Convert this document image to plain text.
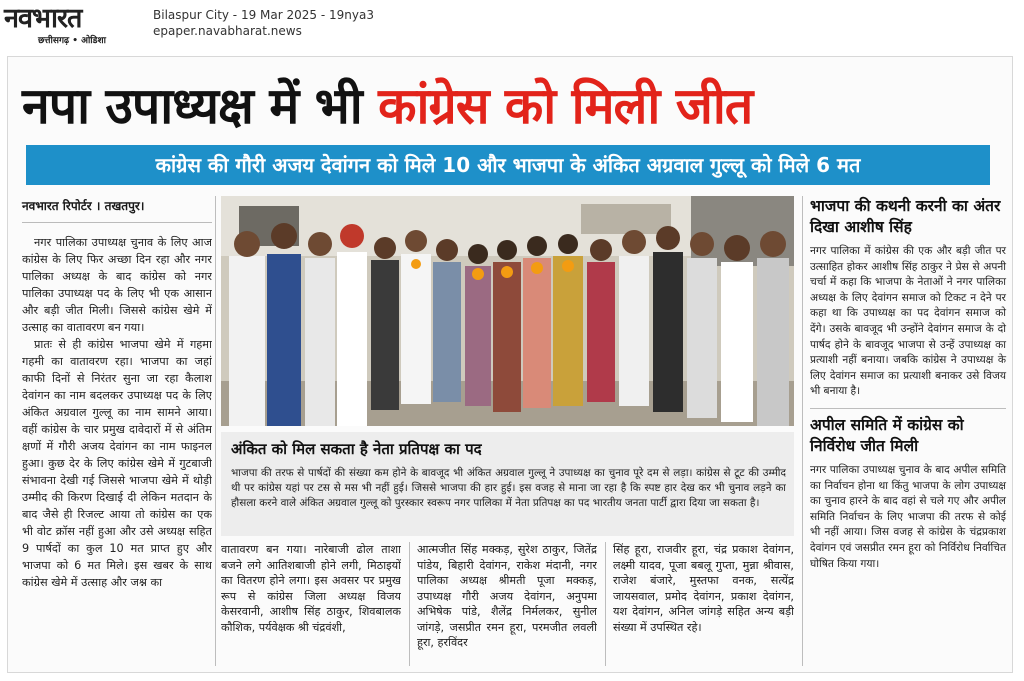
नवभारत
छत्तीसगढ़ • ओडिशा
Bilaspur City - 19 Mar 2025 - 19nya3
epaper.navabharat.news
नपा उपाध्यक्ष में भी कांग्रेस को मिली जीत
कांग्रेस की गौरी अजय देवांगन को मिले 10 और भाजपा के अंकित अग्रवाल गुल्लू को मिले 6 मत
नवभारत रिपोर्टर । तखतपुर।

नगर पालिका उपाध्यक्ष चुनाव के लिए आज कांग्रेस के लिए फिर अच्छा दिन रहा और नगर पालिका अध्यक्ष के बाद कांग्रेस को नगर पालिका उपाध्यक्ष पद के लिए भी एक आसान और बड़ी जीत मिली। जिससे कांग्रेस खेमे में उत्साह का वातावरण बन गया।

प्रातः से ही कांग्रेस भाजपा खेमे में गहमा गहमी का वातावरण रहा। भाजपा का जहां काफी दिनों से निरंतर सुना जा रहा कैलाश देवांगन का नाम बदलकर उपाध्यक्ष पद के लिए अंकित अग्रवाल गुल्लू का नाम सामने आया। वहीं कांग्रेस के चार प्रमुख दावेदारों में से अंतिम क्षणों में गौरी अजय देवांगन का नाम फाइनल हुआ। कुछ देर के लिए कांग्रेस खेमे में गुटबाजी संभावना देखी गई जिससे भाजपा खेमे में थोड़ी उम्मीद की किरण दिखाई दी लेकिन मतदान के बाद जैसे ही रिजल्ट आया तो कांग्रेस का एक भी वोट क्रॉस नहीं हुआ और उसे अध्यक्ष सहित 9 पार्षदों का कुल 10 मत प्राप्त हुए और भाजपा को 6 मत मिले। इस खबर के साथ कांग्रेस खेमे में उत्साह और जश्न का

अंकित को मिल सकता है नेता प्रतिपक्ष का पद
भाजपा की तरफ से पार्षदों की संख्या कम होने के बावजूद भी अंकित अग्रवाल गुल्लू ने उपाध्यक्ष का चुनाव पूरे दम से लड़ा। कांग्रेस से टूट की उम्मीद थी पर कांग्रेस यहां पर टस से मस भी नहीं हुई। जिससे भाजपा की हार हुई। इस वजह से माना जा रहा है कि स्पष्ट हार देख कर भी चुनाव लड़ने का हौसला करने वाले अंकित अग्रवाल गुल्लू को पुरस्कार स्वरूप नगर पालिका में नेता प्रतिपक्ष का पद भारतीय जनता पार्टी द्वारा दिया जा सकता है।

वातावरण बन गया। नारेबाजी ढोल ताशा बजने लगे आतिशबाजी होने लगी, मिठाइयों का वितरण होने लगा। इस अवसर पर प्रमुख रूप से कांग्रेस जिला अध्यक्ष विजय केसरवानी, आशीष सिंह ठाकुर, शिवबालक कौशिक, पर्यवेक्षक श्री चंद्रवंशी,

आत्मजीत सिंह मक्कड़, सुरेश ठाकुर, जितेंद्र पांडेय, बिहारी देवांगन, राकेश मंदानी, नगर पालिका अध्यक्ष श्रीमती पूजा मक्कड़, उपाध्यक्ष गौरी अजय देवांगन, अनुपमा अभिषेक पांडे, शैलेंद्र निर्मलकर, सुनील जांगड़े, जसप्रीत रमन हूरा, परमजीत लवली हूरा, हरविंदर

सिंह हूरा, राजवीर हूरा, चंद्र प्रकाश देवांगन, लक्ष्मी यादव, पूजा बबलू गुप्ता, मुन्ना श्रीवास, राजेश बंजारे, मुस्तफा वनक, सत्येंद्र जायसवाल, प्रमोद देवांगन, प्रकाश देवांगन, यश देवांगन, अनिल जांगड़े सहित अन्य बड़ी संख्या में उपस्थित रहे।

भाजपा की कथनी करनी का अंतर दिखा आशीष सिंह

नगर पालिका में कांग्रेस की एक और बड़ी जीत पर उत्साहित होकर आशीष सिंह ठाकुर ने प्रेस से अपनी चर्चा में कहा कि भाजपा के नेताओं ने नगर पालिका अध्यक्ष के लिए देवांगन समाज को टिकट न देने पर कहा था कि उपाध्यक्ष का पद देवांगन समाज को देंगे। उसके बावजूद भी उन्होंने देवांगन समाज के दो पार्षद होने के बावजूद भाजपा से उन्हें उपाध्यक्ष का प्रत्याशी नहीं बनाया। जबकि कांग्रेस ने उपाध्यक्ष के लिए देवांगन समाज का प्रत्याशी बनाकर उसे विजय भी बनाया है।

अपील समिति में कांग्रेस को निर्विरोध जीत मिली

नगर पालिका उपाध्यक्ष चुनाव के बाद अपील समिति का निर्वाचन होना था किंतु भाजपा के लोग उपाध्यक्ष का चुनाव हारने के बाद वहां से चले गए और अपील समिति निर्वाचन के लिए भाजपा की तरफ से कोई भी नहीं आया। जिस वजह से कांग्रेस के चंद्रप्रकाश देवांगन एवं जसप्रीत रमन हूरा को निर्विरोध निर्वाचित घोषित किया गया।
